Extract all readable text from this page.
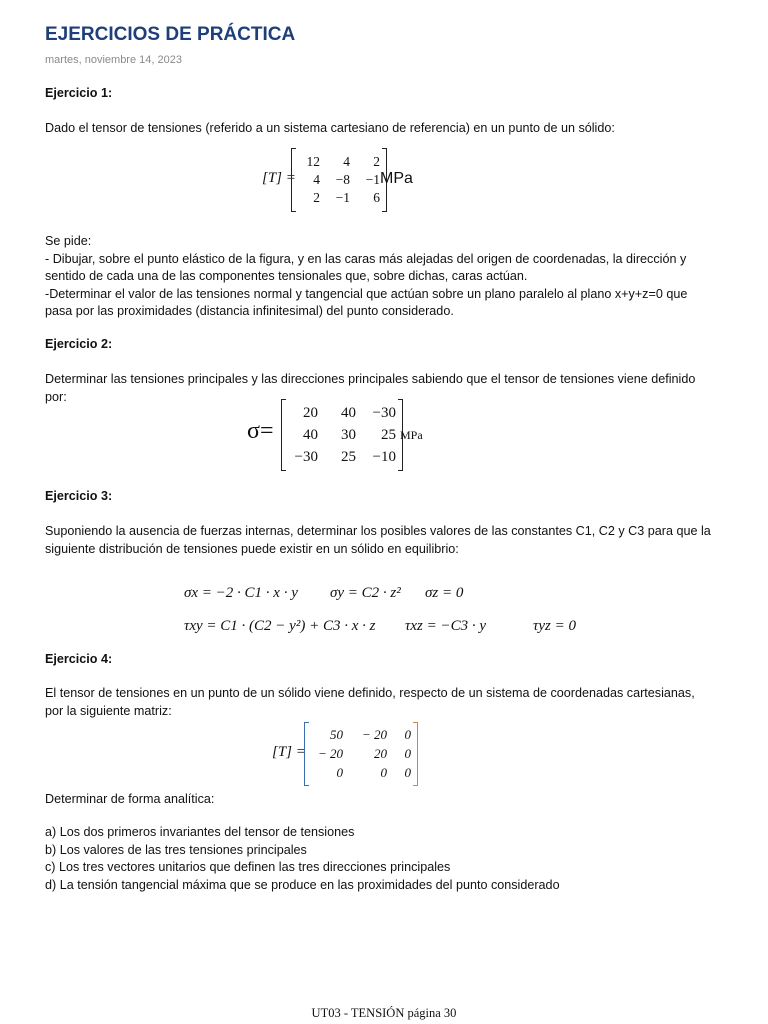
EJERCICIOS DE PRÁCTICA
martes, noviembre 14, 2023
Ejercicio 1:
Dado el tensor de tensiones (referido a un sistema cartesiano de referencia) en un punto de un sólido:
[T] =
12	4	2
4	−8	−1
2	−1	6
MPa
Se pide:
- Dibujar, sobre el punto elástico de la figura, y en las caras más alejadas del origen de coordenadas, la dirección y
sentido de cada una de las componentes tensionales que, sobre dichas, caras actúan.
-Determinar el valor de las tensiones normal y tangencial que actúan sobre un plano paralelo al plano x+y+z=0 que
pasa por las proximidades (distancia infinitesimal) del punto considerado.
Ejercicio 2:
Determinar las tensiones principales y las direcciones principales sabiendo que el tensor de tensiones viene definido
por:
σ=
20	40	−30
40	30	25
−30	25	−10
MPa
Ejercicio 3:
Suponiendo la ausencia de fuerzas internas, determinar los posibles valores de las constantes C1, C2 y C3 para que la
siguiente distribución de tensiones puede existir en un sólido en equilibrio:
σx = −2 · C1 · x · y σy = C2 · z² σz = 0
τxy = C1 · (C2 − y²) + C3 · x · z τxz = −C3 · y	τyz = 0
Ejercicio 4:
El tensor de tensiones en un punto de un sólido viene definido, respecto de un sistema de coordenadas cartesianas,
por la siguiente matriz:
[T] =
50	− 20	0
− 20	20	0
0	0	0
Determinar de forma analítica:
a) Los dos primeros invariantes del tensor de tensiones
b) Los valores de las tres tensiones principales
c) Los tres vectores unitarios que definen las tres direcciones principales
d) La tensión tangencial máxima que se produce en las proximidades del punto considerado
UT03 - TENSIÓN página 30
